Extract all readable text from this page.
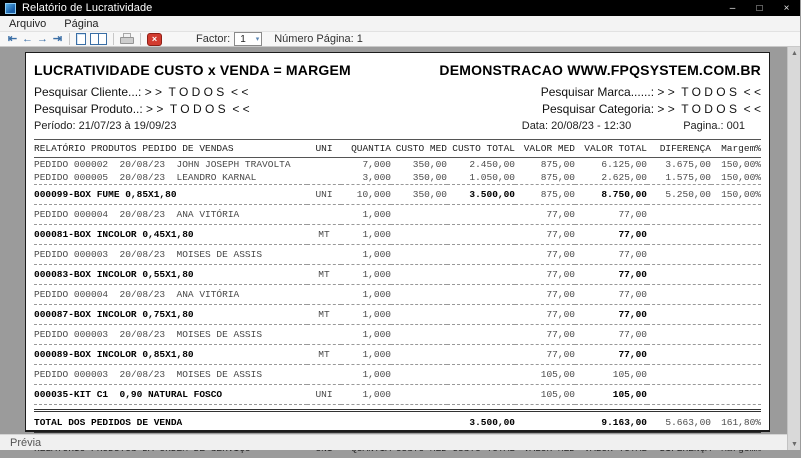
Relatório de Lucratividade	–	□	×
Arquivo	Página
⇤ ← → ⇥	×	Factor: 1 ▾ Número Página: 1
LUCRATIVIDADE CUSTO x VENDA = MARGEM	DEMONSTRACAO WWW.FPQSYSTEM.COM.BR
Pesquisar Cliente...: > >  T O D O S  < <	Pesquisar Marca......: > >  T O D O S  < <
Pesquisar Produto..: > >  T O D O S  < <	Pesquisar Categoria: > >  T O D O S  < <
Período: 21/07/23 à 19/09/23	Data: 20/08/23 - 12:30	Pagina.: 001
RELATÓRIO PRODUTOS PEDIDO DE VENDAS	UNI	QUANTIA	CUSTO MED	CUSTO TOTAL	VALOR MED	VALOR TOTAL	DIFERENÇA	Margem%
PEDIDO 000002  20/08/23  JOHN JOSEPH TRAVOLTA		7,000	350,00	2.450,00	875,00	6.125,00	3.675,00	150,00%
PEDIDO 000005  20/08/23  LEANDRO KARNAL		3,000	350,00	1.050,00	875,00	2.625,00	1.575,00	150,00%
000099-BOX FUME 0,85X1,80	UNI	10,000	350,00	3.500,00	875,00	8.750,00	5.250,00	150,00%
PEDIDO 000004  20/08/23  ANA VITÓRIA		1,000			77,00	77,00		
000081-BOX INCOLOR 0,45X1,80	MT	1,000			77,00	77,00		
PEDIDO 000003  20/08/23  MOISES DE ASSIS		1,000			77,00	77,00		
000083-BOX INCOLOR 0,55X1,80	MT	1,000			77,00	77,00		
PEDIDO 000004  20/08/23  ANA VITÓRIA		1,000			77,00	77,00		
000087-BOX INCOLOR 0,75X1,80	MT	1,000			77,00	77,00		
PEDIDO 000003  20/08/23  MOISES DE ASSIS		1,000			77,00	77,00		
000089-BOX INCOLOR 0,85X1,80	MT	1,000			77,00	77,00		
PEDIDO 000003  20/08/23  MOISES DE ASSIS		1,000			105,00	105,00		
000035-KIT C1  0,90 NATURAL FOSCO	UNI	1,000			105,00	105,00		

TOTAL DOS PEDIDOS DE VENDA				3.500,00		9.163,00	5.663,00	161,80%

▲
▼
Prévia
